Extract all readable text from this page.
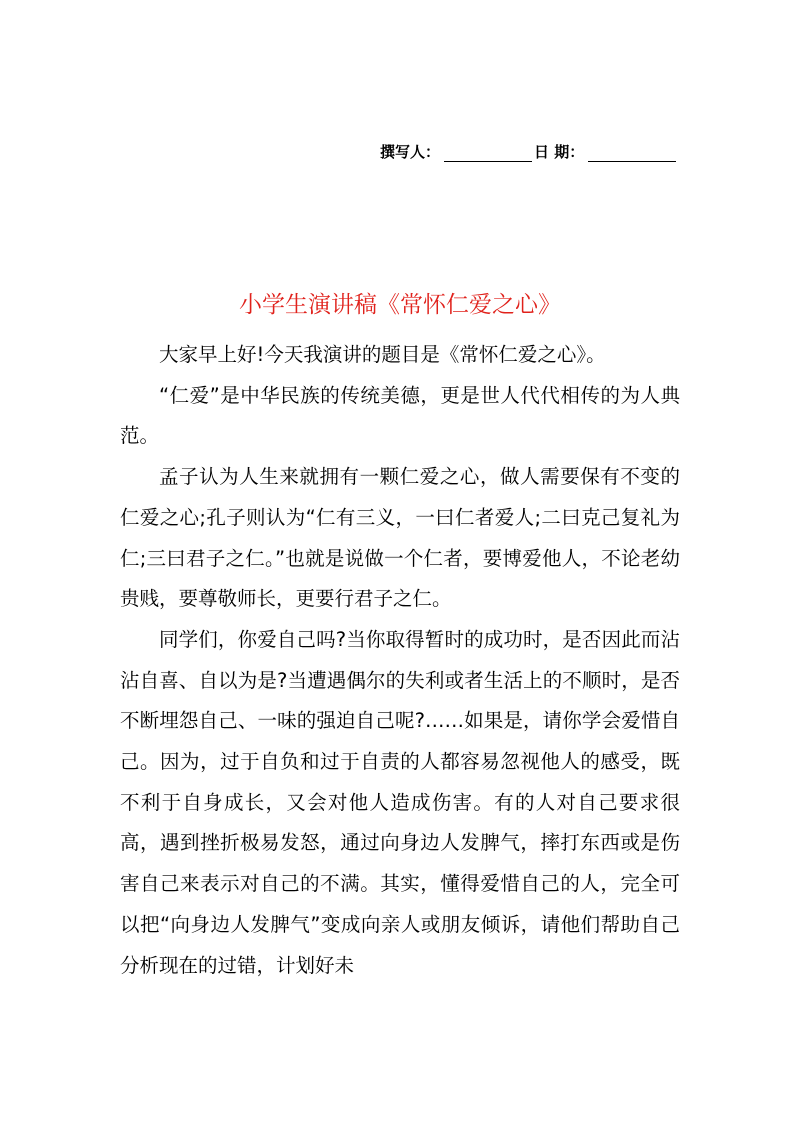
撰写人：	日 期：
小学生演讲稿《常怀仁爱之心》

大家早上好!今天我演讲的题目是《常怀仁爱之心》。

“仁爱”是中华民族的传统美德，更是世人代代相传的为人典范。

孟子认为人生来就拥有一颗仁爱之心，做人需要保有不变的仁爱之心;孔子则认为“仁有三义，一曰仁者爱人;二曰克己复礼为仁;三曰君子之仁。”也就是说做一个仁者，要博爱他人，不论老幼贵贱，要尊敬师长，更要行君子之仁。

同学们，你爱自己吗?当你取得暂时的成功时，是否因此而沾沾自喜、自以为是?当遭遇偶尔的失利或者生活上的不顺时，是否不断埋怨自己、一味的强迫自己呢?……如果是，请你学会爱惜自己。因为，过于自负和过于自责的人都容易忽视他人的感受，既不利于自身成长，又会对他人造成伤害。有的人对自己要求很高，遇到挫折极易发怒，通过向身边人发脾气，摔打东西或是伤害自己来表示对自己的不满。其实，懂得爱惜自己的人，完全可以把“向身边人发脾气”变成向亲人或朋友倾诉，请他们帮助自己分析现在的过错，计划好未
